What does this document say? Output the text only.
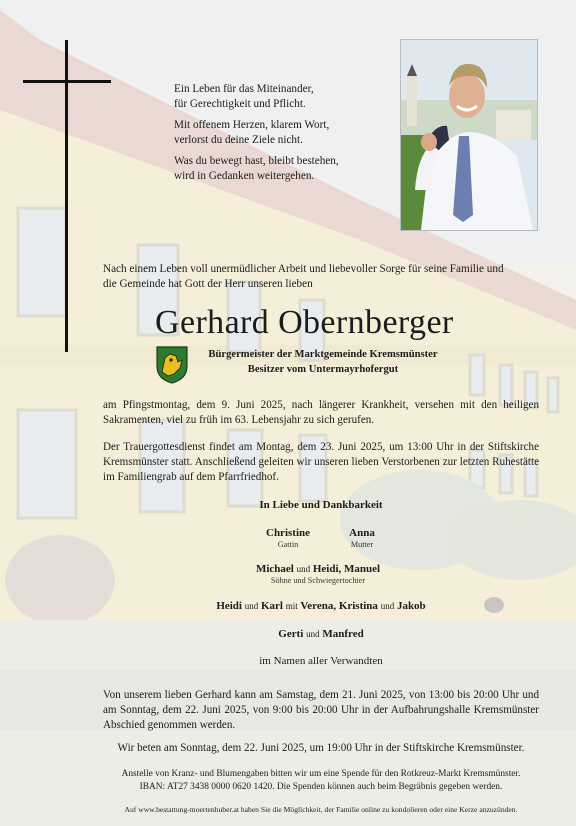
Ein Leben für das Miteinander,
für Gerechtigkeit und Pflicht.

Mit offenem Herzen, klarem Wort,
verlorst du deine Ziele nicht.

Was du bewegt hast, bleibt bestehen,
wird in Gedanken weitergehen.

Nach einem Leben voll unermüdlicher Arbeit und liebevoller Sorge für seine Familie und
die Gemeinde hat Gott der Herr unseren lieben
Gerhard Obernberger
Bürgermeister der Marktgemeinde Kremsmünster
Besitzer vom Untermayrhofergut
am Pfingstmontag, dem 9. Juni 2025, nach längerer Krankheit, versehen mit den heiligen Sakramenten, viel zu früh im 63. Lebensjahr zu sich gerufen.
Der Trauergottesdienst findet am Montag, dem 23. Juni 2025, um 13:00 Uhr in der Stiftskirche Kremsmünster statt. Anschließend geleiten wir unseren lieben Verstorbenen zur letzten Ruhestätte im Familiengrab auf dem Pfarrfriedhof.
In Liebe und Dankbarkeit
Christine
Gattin
Anna
Mutter
Michael und Heidi, Manuel
Söhne und Schwiegertochter
Heidi und Karl mit Verena, Kristina und Jakob
Gerti und Manfred
im Namen aller Verwandten
Von unserem lieben Gerhard kann am Samstag, dem 21. Juni 2025, von 13:00 bis 20:00 Uhr und am Sonntag, dem 22. Juni 2025, von 9:00 bis 20:00 Uhr in der Aufbahrungshalle Kremsmünster Abschied genommen werden.
Wir beten am Sonntag, dem 22. Juni 2025, um 19:00 Uhr in der Stiftskirche Kremsmünster.
Anstelle von Kranz- und Blumengaben bitten wir um eine Spende für den Rotkreuz-Markt Kremsmünster.
IBAN: AT27 3438 0000 0620 1420. Die Spenden können auch beim Begräbnis gegeben werden.
Auf www.bestattung-moertenhuber.at haben Sie die Möglichkeit, der Familie online zu kondolieren oder eine Kerze anzuzünden.
